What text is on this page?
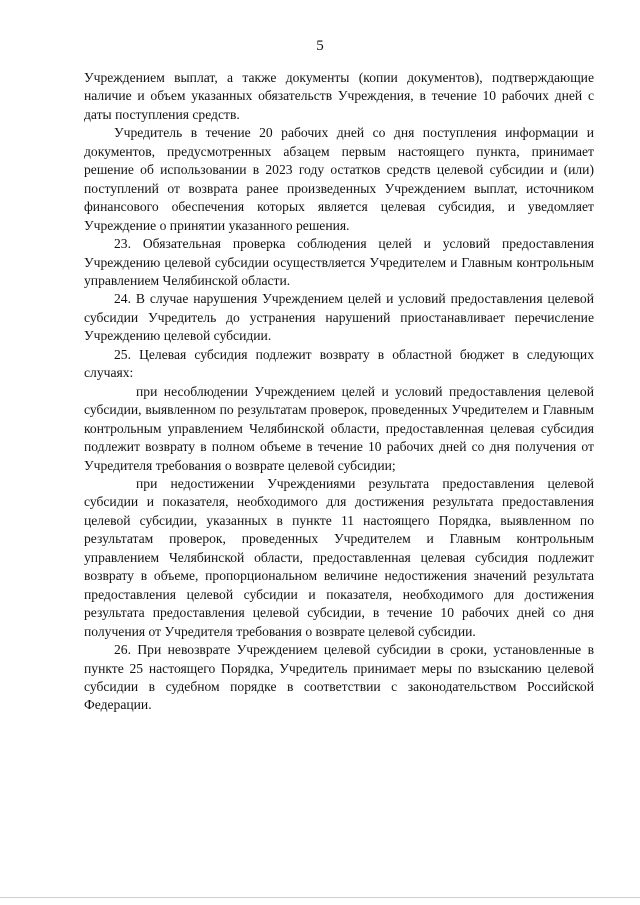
5

Учреждением выплат, а также документы (копии документов), подтверждающие наличие и объем указанных обязательств Учреждения, в течение 10 рабочих дней с даты поступления средств.

Учредитель в течение 20 рабочих дней со дня поступления информации и документов, предусмотренных абзацем первым настоящего пункта, принимает решение об использовании в 2023 году остатков средств целевой субсидии и (или) поступлений от возврата ранее произведенных Учреждением выплат, источником финансового обеспечения которых является целевая субсидия, и уведомляет Учреждение о принятии указанного решения.

23. Обязательная проверка соблюдения целей и условий предоставления Учреждению целевой субсидии осуществляется Учредителем и Главным контрольным управлением Челябинской области.

24. В случае нарушения Учреждением целей и условий предоставления целевой субсидии Учредитель до устранения нарушений приостанавливает перечисление Учреждению целевой субсидии.

25. Целевая субсидия подлежит возврату в областной бюджет в следующих случаях:

при несоблюдении Учреждением целей и условий предоставления целевой субсидии, выявленном по результатам проверок, проведенных Учредителем и Главным контрольным управлением Челябинской области, предоставленная целевая субсидия подлежит возврату в полном объеме в течение 10 рабочих дней со дня получения от Учредителя требования о возврате целевой субсидии;

при недостижении Учреждениями результата предоставления целевой субсидии и показателя, необходимого для достижения результата предоставления целевой субсидии, указанных в пункте 11 настоящего Порядка, выявленном по результатам проверок, проведенных Учредителем и Главным контрольным управлением Челябинской области, предоставленная целевая субсидия подлежит возврату в объеме, пропорциональном величине недостижения значений результата предоставления целевой субсидии и показателя, необходимого для достижения результата предоставления целевой субсидии, в течение 10 рабочих дней со дня получения от Учредителя требования о возврате целевой субсидии.

26. При невозврате Учреждением целевой субсидии в сроки, установленные в пункте 25 настоящего Порядка, Учредитель принимает меры по взысканию целевой субсидии в судебном порядке в соответствии с законодательством Российской Федерации.
